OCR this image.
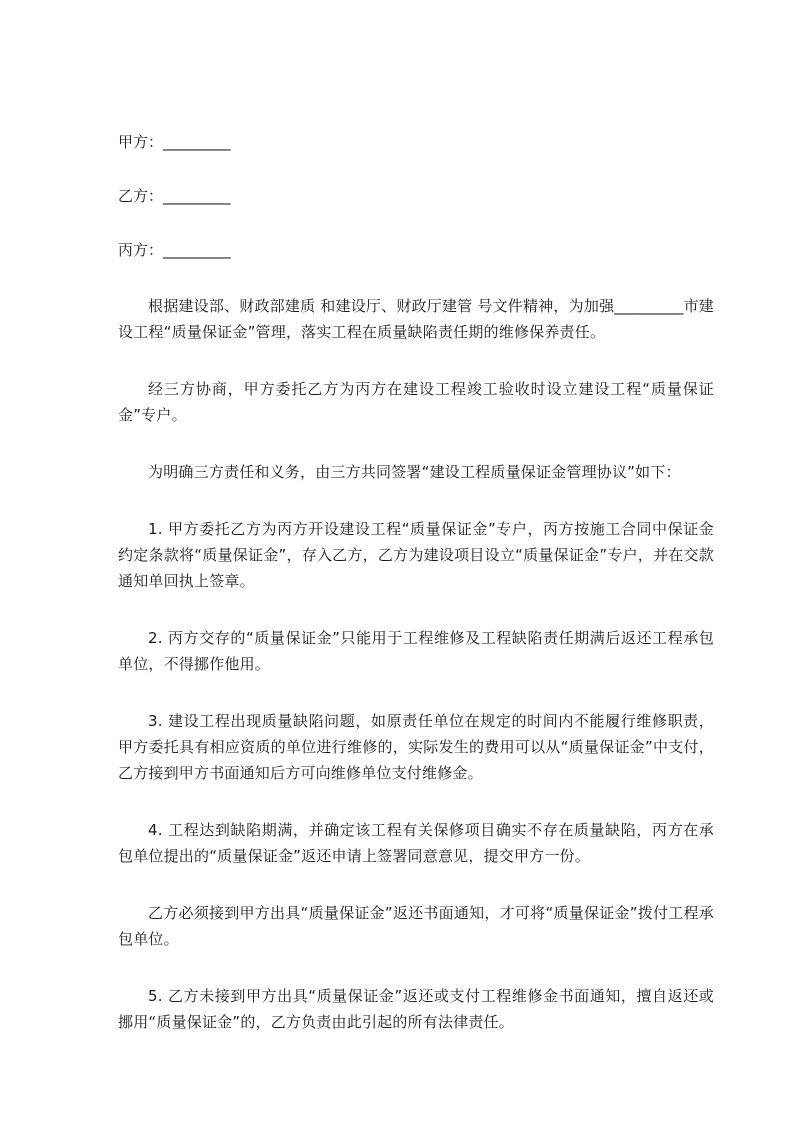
甲方：_________
乙方：_________
丙方：_________

根据建设部、财政部建质 和建设厅、财政厅建管 号文件精神，为加强_________市建设工程“质量保证金”管理，落实工程在质量缺陷责任期的维修保养责任。

经三方协商，甲方委托乙方为丙方在建设工程竣工验收时设立建设工程“质量保证金”专户。

为明确三方责任和义务，由三方共同签署“建设工程质量保证金管理协议”如下：

1. 甲方委托乙方为丙方开设建设工程“质量保证金”专户，丙方按施工合同中保证金约定条款将“质量保证金”，存入乙方，乙方为建设项目设立“质量保证金”专户，并在交款通知单回执上签章。

2. 丙方交存的“质量保证金”只能用于工程维修及工程缺陷责任期满后返还工程承包单位，不得挪作他用。

3. 建设工程出现质量缺陷问题，如原责任单位在规定的时间内不能履行维修职责，甲方委托具有相应资质的单位进行维修的，实际发生的费用可以从“质量保证金”中支付，乙方接到甲方书面通知后方可向维修单位支付维修金。

4. 工程达到缺陷期满，并确定该工程有关保修项目确实不存在质量缺陷，丙方在承包单位提出的“质量保证金”返还申请上签署同意意见，提交甲方一份。

乙方必须接到甲方出具“质量保证金”返还书面通知，才可将“质量保证金”拨付工程承包单位。

5. 乙方未接到甲方出具“质量保证金”返还或支付工程维修金书面通知，擅自返还或挪用“质量保证金”的，乙方负责由此引起的所有法律责任。
